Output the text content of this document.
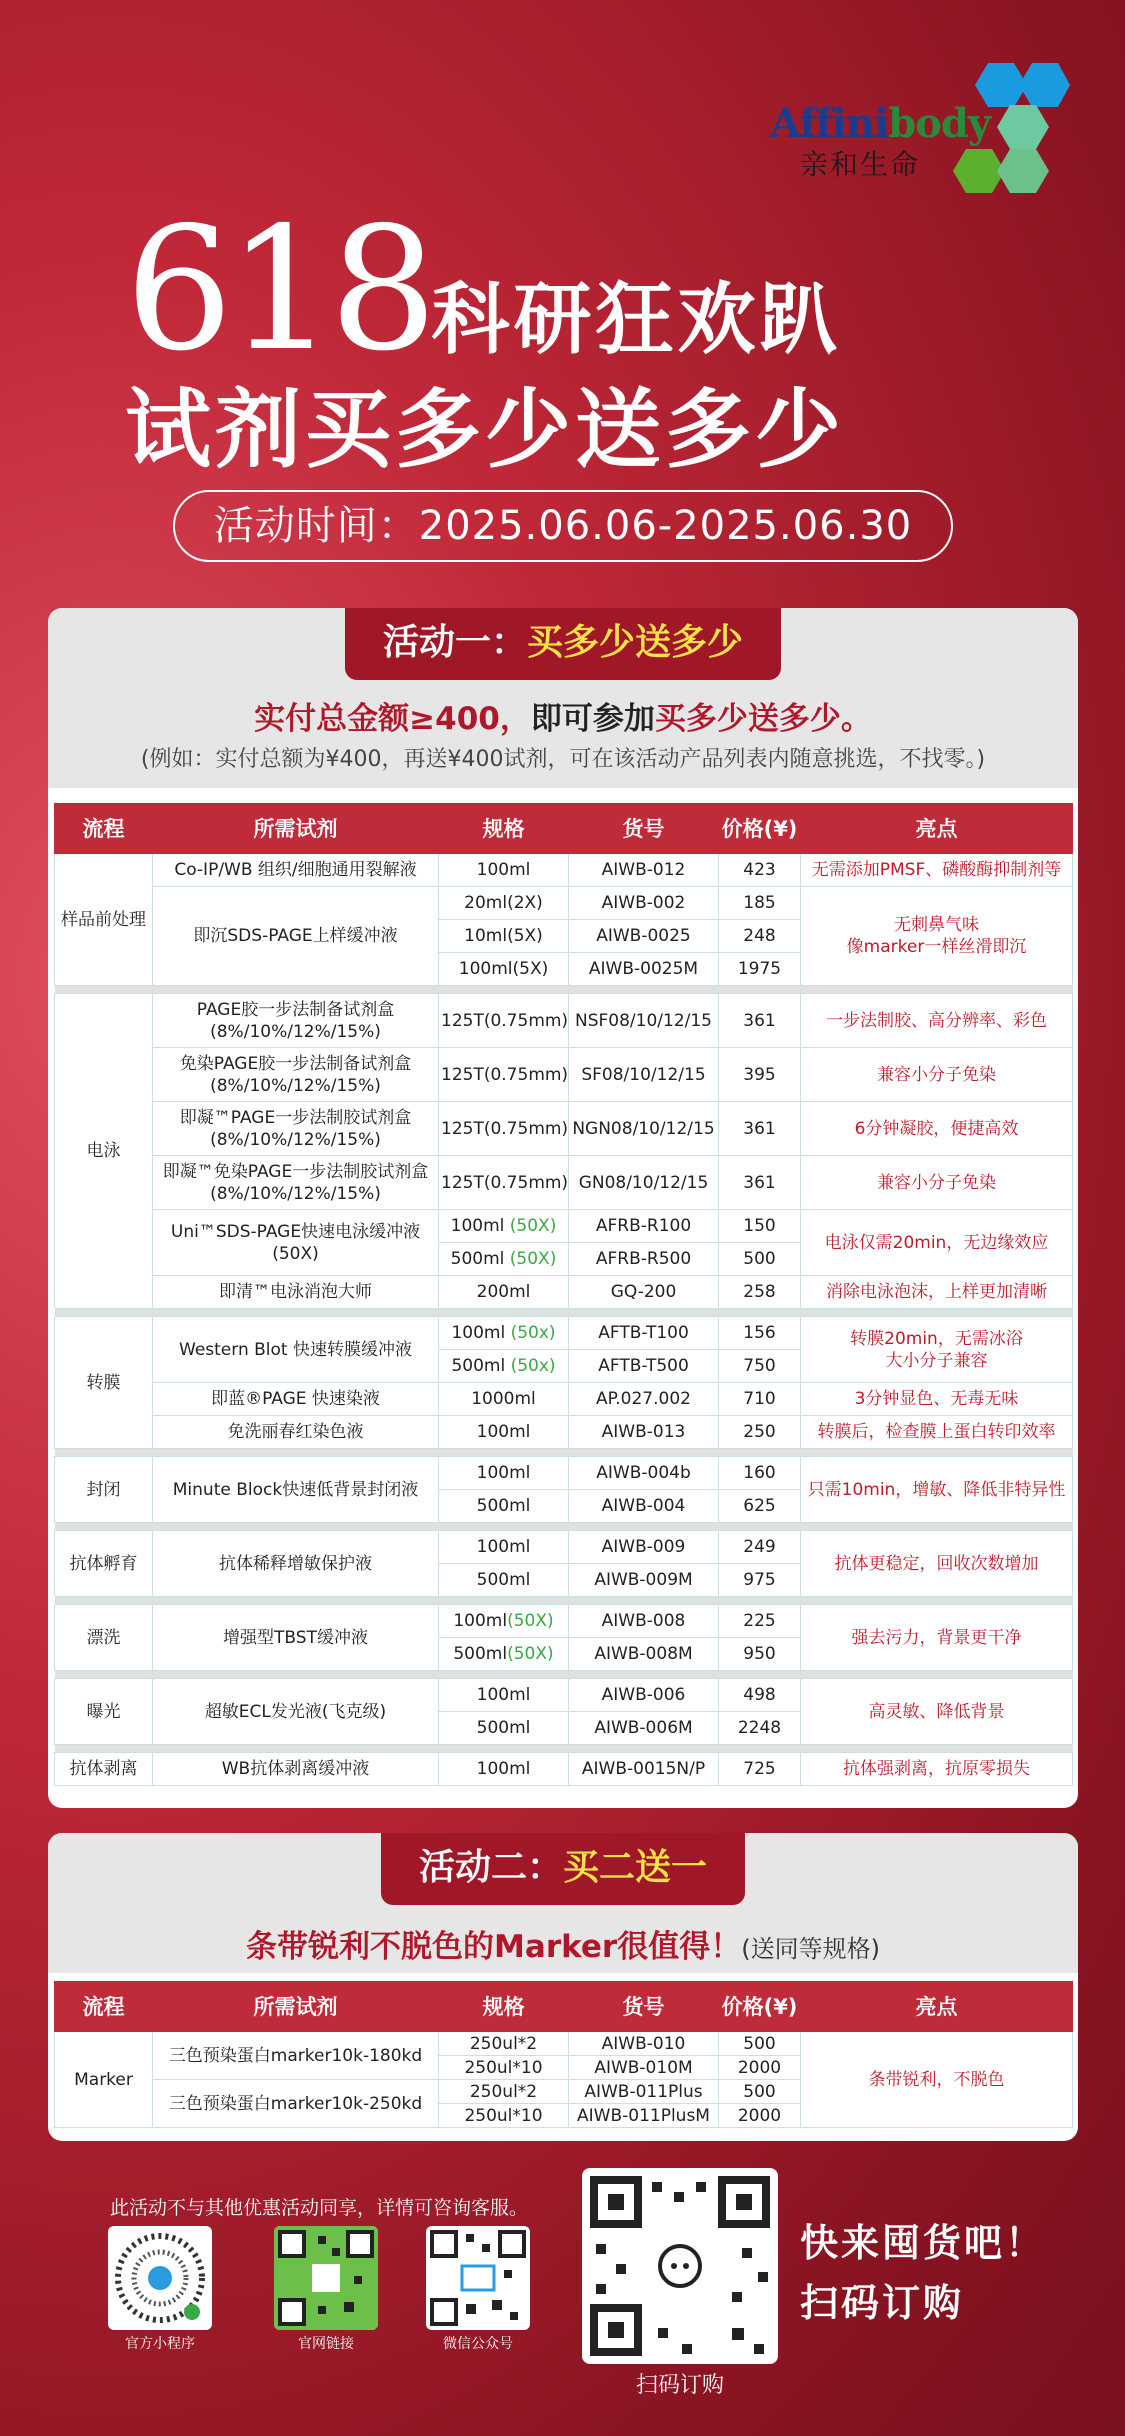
Affinibody
亲和生命
618科研狂欢趴
试剂买多少送多少
活动时间：2025.06.06-2025.06.30
活动一：买多少送多少
实付总金额≥400，即可参加买多少送多少。
(例如：实付总额为¥400，再送¥400试剂，可在该活动产品列表内随意挑选，不找零。)
流程	所需试剂	规格	货号	价格(¥)	亮点
样品前处理	Co-IP/WB 组织/细胞通用裂解液	100ml	AIWB-012	423	无需添加PMSF、磷酸酶抑制剂等
	即沉SDS-PAGE上样缓冲液	20ml(2X)	AIWB-002	185	无刺鼻气味
像marker一样丝滑即沉

		10ml(5X)	AIWB-0025	248	
		100ml(5X)	AIWB-0025M	1975	

电泳	PAGE胶一步法制备试剂盒
(8%/10%/12%/15%)	125T(0.75mm)	NSF08/10/12/15	361	一步法制胶、高分辨率、彩色

	免染PAGE胶一步法制备试剂盒
(8%/10%/12%/15%)	125T(0.75mm)	SF08/10/12/15	395	兼容小分子免染

	即凝™PAGE一步法制胶试剂盒
(8%/10%/12%/15%)	125T(0.75mm)	NGN08/10/12/15	361	6分钟凝胶，便捷高效

	即凝™免染PAGE一步法制胶试剂盒
(8%/10%/12%/15%)	125T(0.75mm)	GN08/10/12/15	361	兼容小分子免染
	Uni™SDS-PAGE快速电泳缓冲液(50X)	100ml (50X)	AFRB-R100	150	电泳仅需20min，无边缘效应
		500ml (50X)	AFRB-R500	500	
	即清™电泳消泡大师	200ml	GQ-200	258	消除电泳泡沫，上样更加清晰

转膜	Western Blot 快速转膜缓冲液	100ml (50x)	AFTB-T100	156	转膜20min，无需冰浴
大小分子兼容

		500ml (50x)	AFTB-T500	750	
	即蓝®PAGE 快速染液	1000ml	AP.027.002	710	3分钟显色、无毒无味
	免洗丽春红染色液	100ml	AIWB-013	250	转膜后，检查膜上蛋白转印效率

封闭	Minute Block快速低背景封闭液	100ml	AIWB-004b	160	只需10min，增敏、降低非特异性
		500ml	AIWB-004	625	

抗体孵育	抗体稀释增敏保护液	100ml	AIWB-009	249	抗体更稳定，回收次数增加
		500ml	AIWB-009M	975	

漂洗	增强型TBST缓冲液	100ml(50X)	AIWB-008	225	强去污力，背景更干净
		500ml(50X)	AIWB-008M	950	

曝光	超敏ECL发光液(飞克级)	100ml	AIWB-006	498	高灵敏、降低背景
		500ml	AIWB-006M	2248	

抗体剥离	WB抗体剥离缓冲液	100ml	AIWB-0015N/P	725	抗体强剥离，抗原零损失
活动二：买二送一
条带锐利不脱色的Marker很值得！(送同等规格)
流程	所需试剂	规格	货号	价格(¥)	亮点
Marker	三色预染蛋白marker10k-180kd	250ul*2	AIWB-010	500	条带锐利，不脱色
		250ul*10	AIWB-010M	2000	
	三色预染蛋白marker10k-250kd	250ul*2	AIWB-011Plus	500	
		250ul*10	AIWB-011PlusM	2000	
此活动不与其他优惠活动同享，详情可咨询客服。
官方小程序	官网链接	微信公众号
扫码订购
快来囤货吧！
扫码订购
